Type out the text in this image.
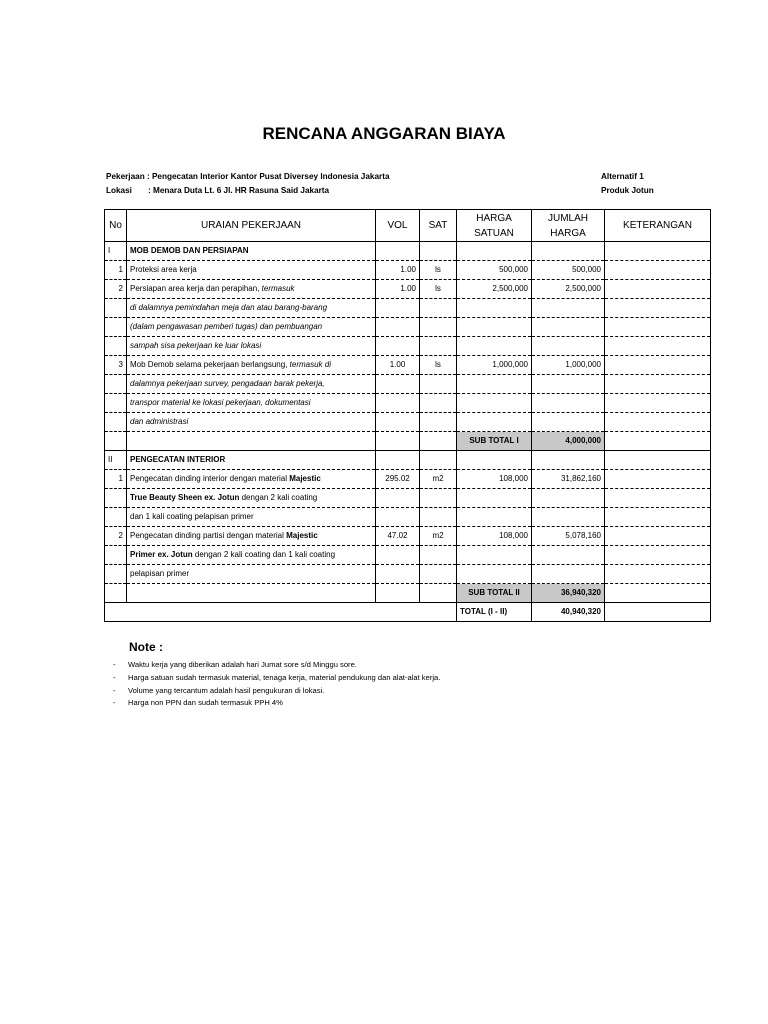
RENCANA ANGGARAN BIAYA
Pekerjaan : Pengecatan Interior Kantor Pusat Diversey Indonesia Jakarta
Lokasi : Menara Duta Lt. 6 Jl. HR Rasuna Said Jakarta
Alternatif 1
Produk Jotun
No	URAIAN PEKERJAAN	VOL	SAT	HARGA SATUAN	JUMLAH HARGA	KETERANGAN
I	MOB DEMOB DAN PERSIAPAN					
1	Proteksi area kerja	1.00	ls	500,000	500,000	
2	Persiapan area kerja dan perapihan, termasuk	1.00	ls	2,500,000	2,500,000	
	di dalamnya pemindahan meja dan atau barang-barang					
	(dalam pengawasan pemberi tugas) dan pembuangan					
	sampah sisa pekerjaan ke luar lokasi					
3	Mob Demob selama pekerjaan berlangsung, termasuk di	1.00	ls	1,000,000	1,000,000	
	dalamnya pekerjaan survey, pengadaan barak pekerja,					
	transpor material ke lokasi pekerjaan, dokumentasi					
	dan administrasi					
				SUB TOTAL I	4,000,000	
II	PENGECATAN INTERIOR					
1	Pengecatan dinding interior dengan material Majestic	295.02	m2	108,000	31,862,160	
	True Beauty Sheen ex. Jotun dengan 2 kali coating					
	dan 1 kali coating pelapisan primer					
2	Pengecatan dinding partisi dengan material Majestic	47.02	m2	108,000	5,078,160	
	Primer ex. Jotun dengan 2 kali coating dan 1 kali coating					
	pelapisan primer					
				SUB TOTAL II	36,940,320	
				TOTAL (I - II)	40,940,320	
Note :
- Waktu kerja yang diberikan adalah hari Jumat sore s/d Minggu sore.
- Harga satuan sudah termasuk material, tenaga kerja, material pendukung dan alat-alat kerja.
- Volume yang tercantum adalah hasil pengukuran di lokasi.
- Harga non PPN dan sudah termasuk PPH 4%
